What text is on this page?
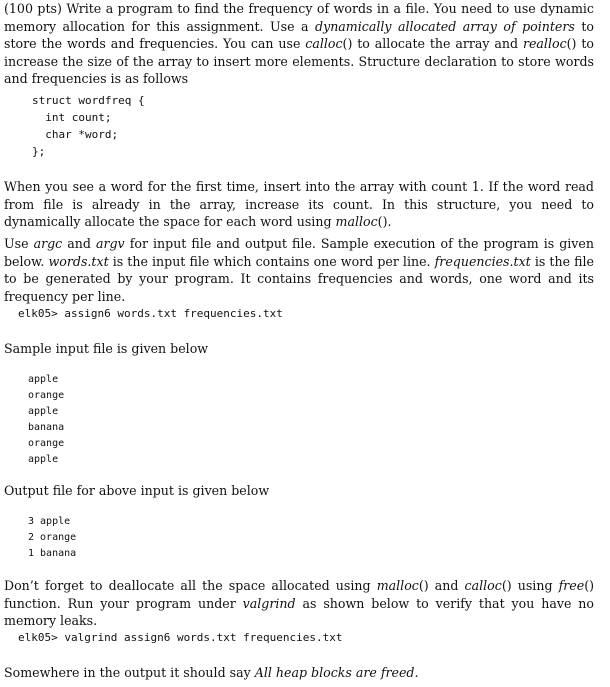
(100 pts) Write a program to find the frequency of words in a file. You need to use dynamic memory allocation for this assignment. Use a dynamically allocated array of pointers to store the words and frequencies. You can use calloc() to allocate the array and realloc() to increase the size of the array to insert more elements. Structure declaration to store words and frequencies is as follows

struct wordfreq {
int count;
char *word;
};

When you see a word for the first time, insert into the array with count 1. If the word read from file is already in the array, increase its count. In this structure, you need to dynamically allocate the space for each word using malloc().

Use argc and argv for input file and output file. Sample execution of the program is given below. words.txt is the input file which contains one word per line. frequencies.txt is the file to be generated by your program. It contains frequencies and words, one word and its frequency per line.

elk05> assign6 words.txt frequencies.txt

Sample input file is given below

apple
orange
apple
banana
orange
apple

Output file for above input is given below

3 apple
2 orange
1 banana

Don’t forget to deallocate all the space allocated using malloc() and calloc() using free() function. Run your program under valgrind as shown below to verify that you have no memory leaks.

elk05> valgrind assign6 words.txt frequencies.txt

Somewhere in the output it should say All heap blocks are freed.
